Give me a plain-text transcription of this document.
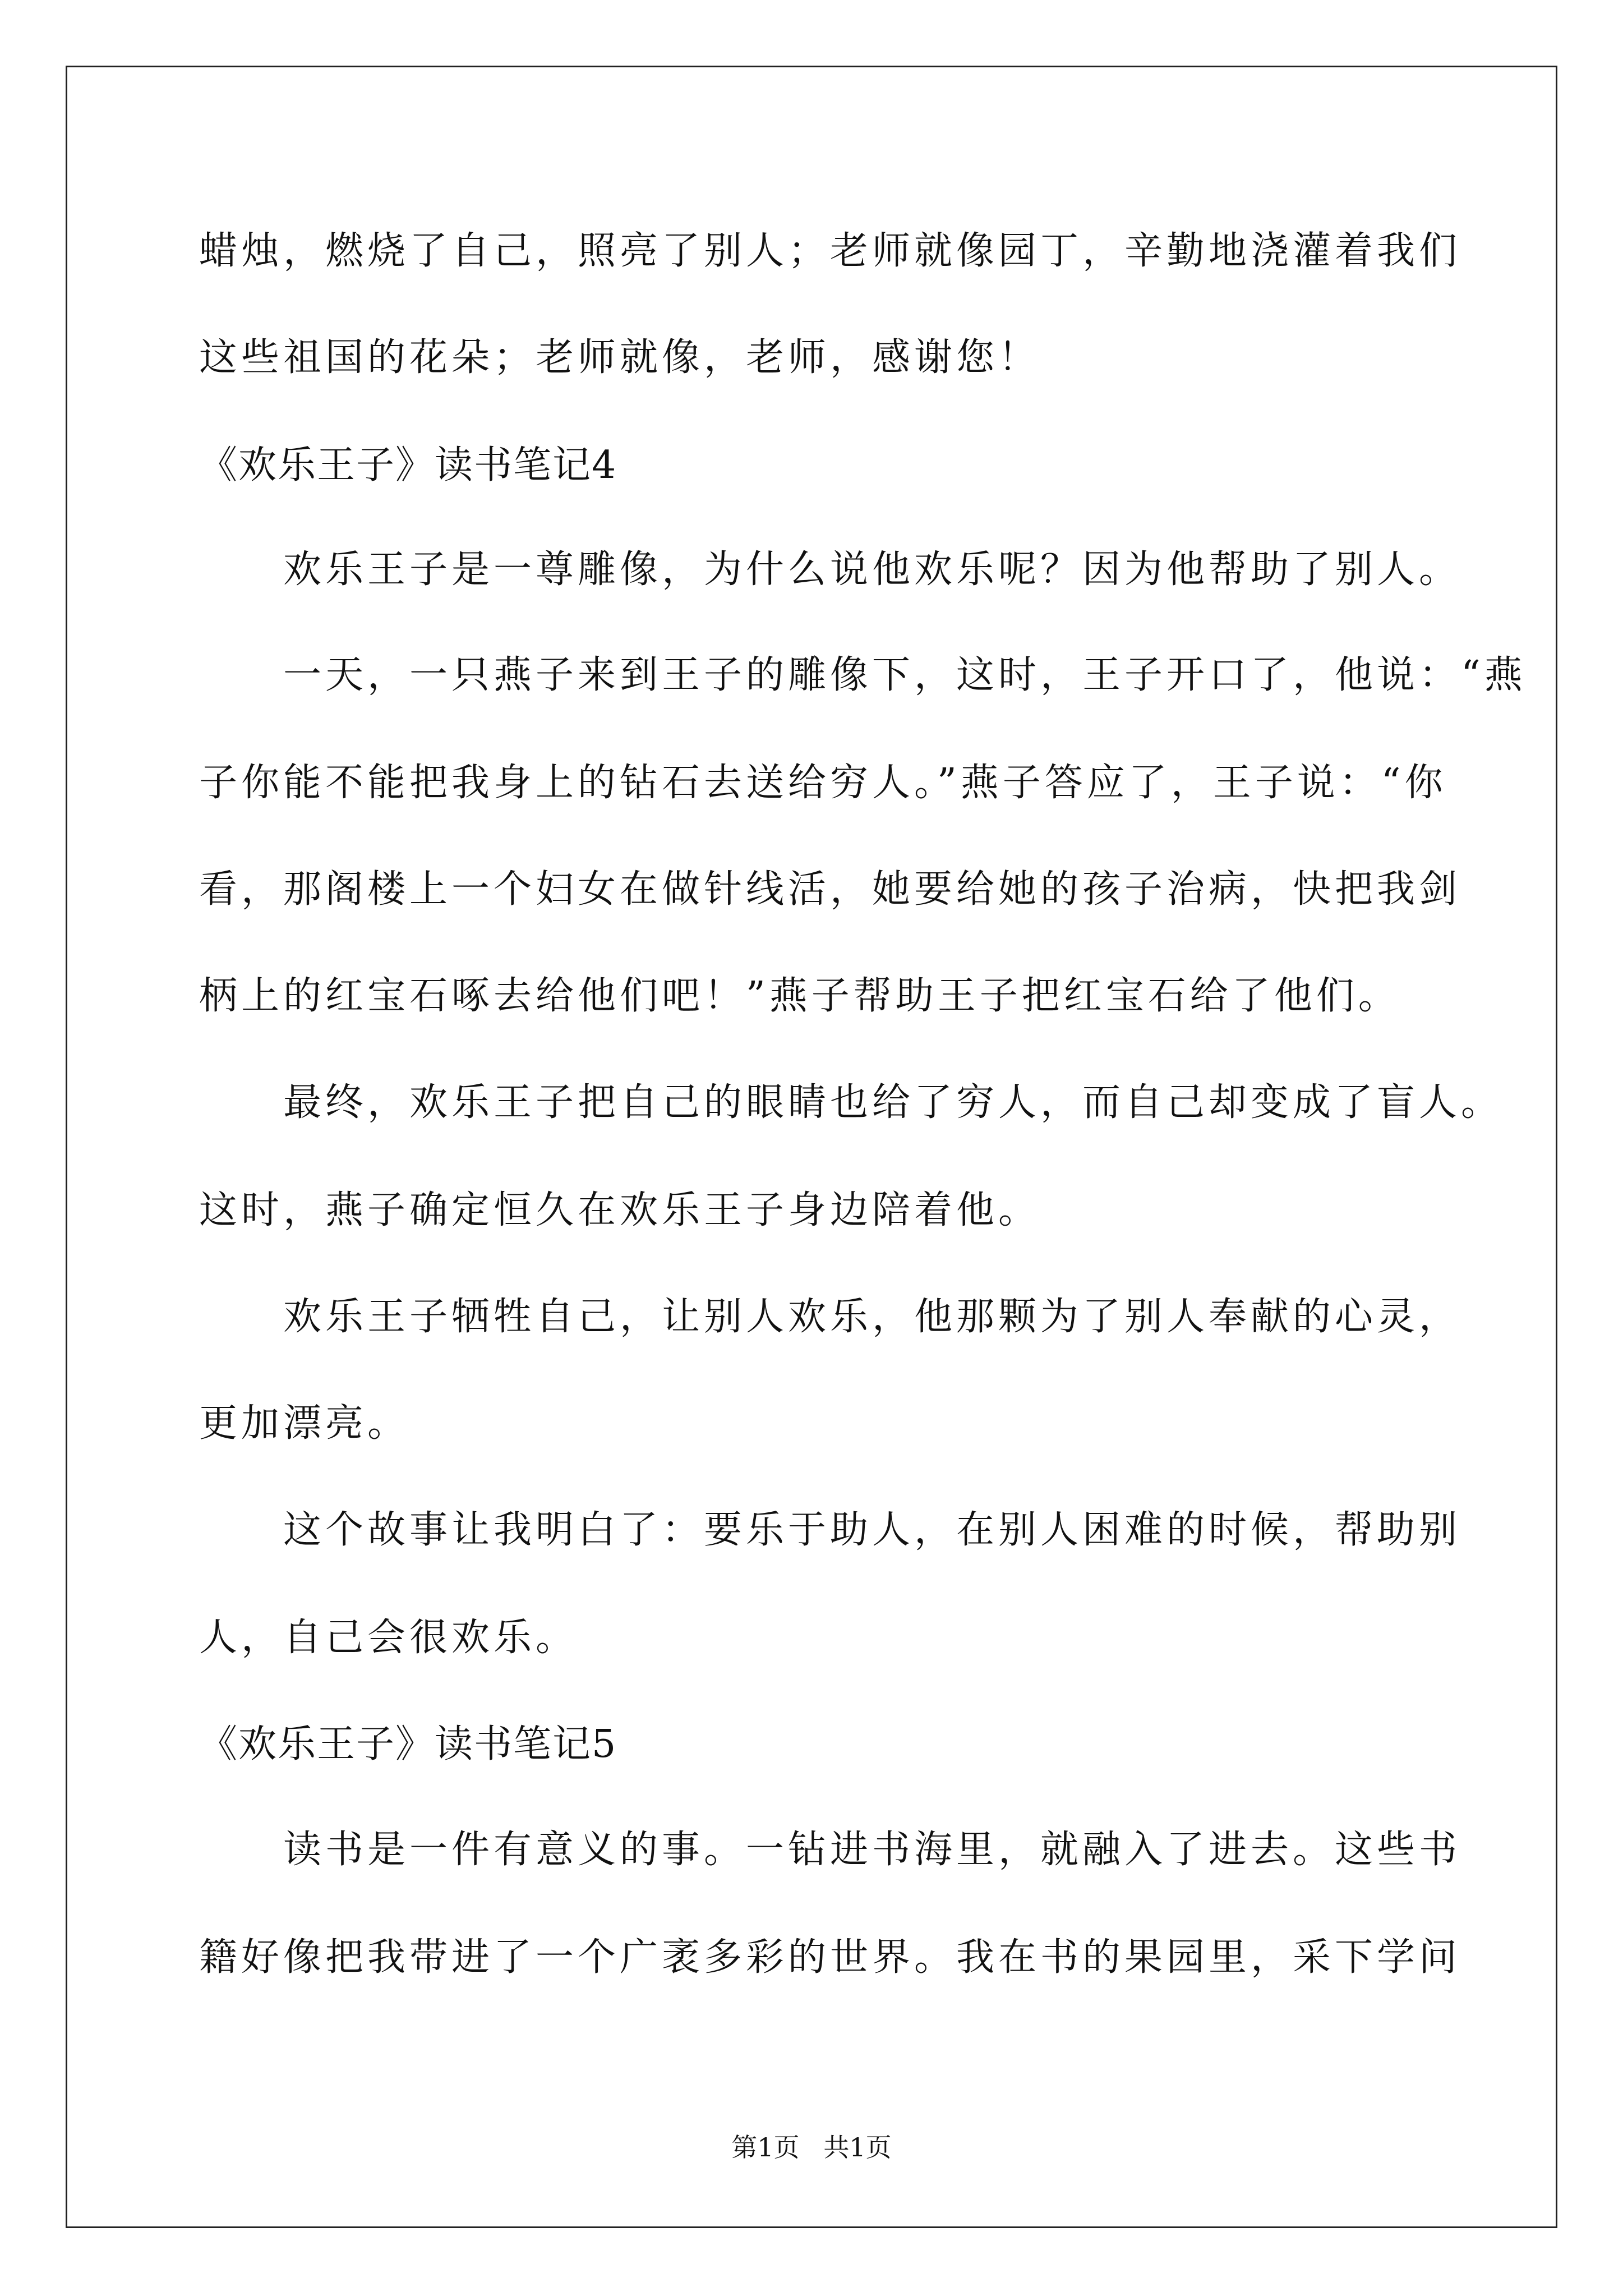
蜡烛，燃烧了自己，照亮了别人；老师就像园丁，辛勤地浇灌着我们
这些祖国的花朵；老师就像，老师，感谢您！
《欢乐王子》读书笔记4
欢乐王子是一尊雕像，为什么说他欢乐呢？因为他帮助了别人。
一天，一只燕子来到王子的雕像下，这时，王子开口了，他说：“燕
子你能不能把我身上的钻石去送给穷人。”燕子答应了，王子说：“你
看，那阁楼上一个妇女在做针线活，她要给她的孩子治病，快把我剑
柄上的红宝石啄去给他们吧！”燕子帮助王子把红宝石给了他们。
最终，欢乐王子把自己的眼睛也给了穷人，而自己却变成了盲人。
这时，燕子确定恒久在欢乐王子身边陪着他。
欢乐王子牺牲自己，让别人欢乐，他那颗为了别人奉献的心灵，
更加漂亮。
这个故事让我明白了：要乐于助人，在别人困难的时候，帮助别
人，自己会很欢乐。
《欢乐王子》读书笔记5
读书是一件有意义的事。一钻进书海里，就融入了进去。这些书
籍好像把我带进了一个广袤多彩的世界。我在书的果园里，采下学问
第1页 共1页
